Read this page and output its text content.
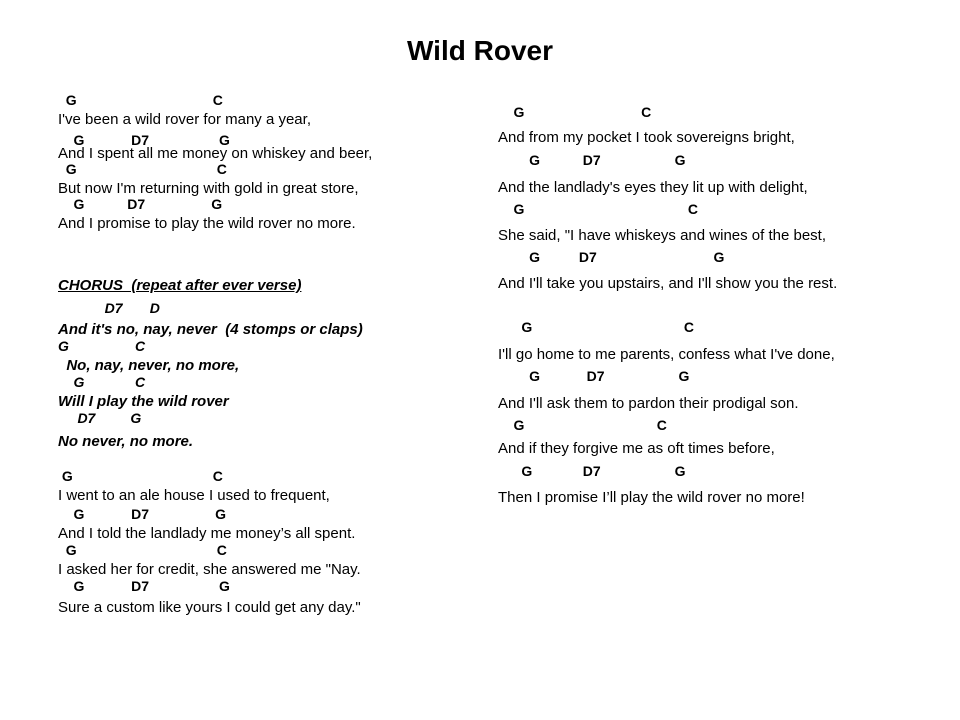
Wild Rover
G                                   C
I've been a wild rover for many a year,
G            D7                  G
And I spent all me money on whiskey and beer,
G                                    C
But now I'm returning with gold in great store,
G           D7                 G
And I promise to play the wild rover no more.
CHORUS  (repeat after ever verse)
D7       D
And it's no, nay, never  (4 stomps or claps)
G                 C
No, nay, never, no more,
G             C
Will I play the wild rover
D7         G
No never, no more.
G                                    C
I went to an ale house I used to frequent,
G            D7                 G
And I told the landlady me money’s all spent.
G                                    C
I asked her for credit, she answered me "Nay.
G            D7                  G
Sure a custom like yours I could get any day."
G                              C
And from my pocket I took sovereigns bright,
G           D7                   G
And the landlady's eyes they lit up with delight,
G                                          C
She said, "I have whiskeys and wines of the best,
G          D7                              G
And I'll take you upstairs, and I'll show you the rest.
G                                       C
I'll go home to me parents, confess what I've done,
G            D7                   G
And I'll ask them to pardon their prodigal son.
G                                  C
And if they forgive me as oft times before,
G             D7                   G
Then I promise I’ll play the wild rover no more!
